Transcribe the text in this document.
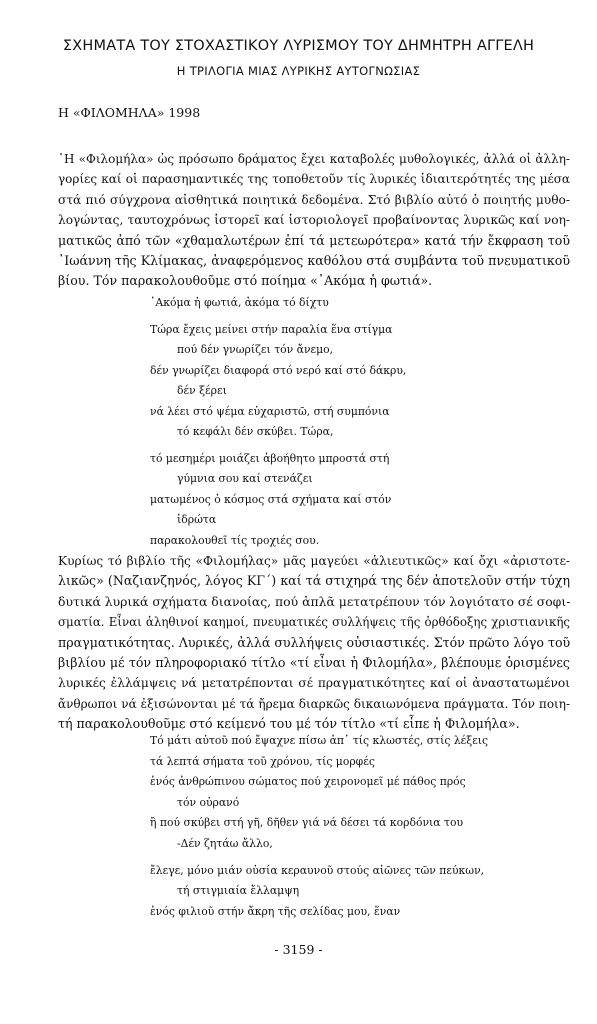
ΣΧΗΜΑΤΑ ΤΟΥ ΣΤΟΧΑΣΤΙΚΟΥ ΛΥΡΙΣΜΟΥ ΤΟΥ ΔΗΜΗΤΡΗ ΑΓΓΕΛΗ
Η ΤΡΙΛΟΓΙΑ ΜΙΑΣ ΛΥΡΙΚΗΣ ΑΥΤΟΓΝΩΣΙΑΣ
Η «ΦΙΛΟΜΗΛΑ» 1998
῾Η «Φιλομήλα» ὡς πρόσωπο δράματος ἔχει καταβολές μυθολογικές, ἀλλά οἱ ἀλλη-
γορίες καί οἱ παρασημαντικές της τοποθετοῦν τίς λυρικές ἰδιαιτερότητές της μέσα
στά πιό σύγχρονα αἰσθητικά ποιητικά δεδομένα. Στό βιβλίο αὐτό ὁ ποιητής μυθο-
λογώντας, ταυτοχρόνως ἱστορεῖ καί ἱστοριολογεῖ προβαίνοντας λυρικῶς καί νοη-
ματικῶς ἀπό τῶν «χθαμαλωτέρων ἐπί τά μετεωρότερα» κατά τήν ἔκφραση τοῦ
᾿Ιωάννη τῆς Κλίμακας, ἀναφερόμενος καθόλου στά συμβάντα τοῦ πνευματικοῦ
βίου. Τόν παρακολουθοῦμε στό ποίημα «᾿Ακόμα ἡ φωτιά».
᾿Ακόμα ἡ φωτιά, ἀκόμα τό δίχτυ
Τώρα ἔχεις μείνει στήν παραλία ἕνα στίγμα
πού δέν γνωρίζει τόν ἄνεμο,
δέν γνωρίζει διαφορά στό νερό καί στό δάκρυ,
δέν ξέρει
νά λέει στό ψέμα εὐχαριστῶ, στή συμπόνια
τό κεφάλι δέν σκύβει. Τώρα,
τό μεσημέρι μοιάζει ἀβοήθητο μπροστά στή
γύμνια σου καί στενάζει
ματωμένος ὁ κόσμος στά σχήματα καί στόν
ἱδρώτα
παρακολουθεῖ τίς τροχιές σου.
Κυρίως τό βιβλίο τῆς «Φιλομήλας» μᾶς μαγεύει «ἁλιευτικῶς» καί ὄχι «ἀριστοτε-
λικῶς» (Ναζιανζηνός, λόγος ΚΓ΄) καί τά στιχηρά της δέν ἀποτελοῦν στήν τύχη
δυτικά λυρικά σχήματα διανοίας, πού ἁπλᾶ μετατρέπουν τόν λογιότατο σέ σοφι-
σματία. Εἶναι ἀληθινοί καημοί, πνευματικές συλλήψεις τῆς ὀρθόδοξης χριστιανικῆς
πραγματικότητας. Λυρικές, ἀλλά συλλήψεις οὐσιαστικές. Στόν πρῶτο λόγο τοῦ
βιβλίου μέ τόν πληροφοριακό τίτλο «τί εἶναι ἡ Φιλομήλα», βλέπουμε ὁρισμένες
λυρικές ἐλλάμψεις νά μετατρέπονται σέ πραγματικότητες καί οἱ ἀναστατωμένοι
ἄνθρωποι νά ἐξισώνονται μέ τά ἤρεμα διαρκῶς δικαιωνόμενα πράγματα. Τόν ποιη-
τή παρακολουθοῦμε στό κείμενό του μέ τόν τίτλο «τί εἶπε ἡ Φιλομήλα».
Τό μάτι αὐτοῦ πού ἔψαχνε πίσω ἀπ᾿ τίς κλωστές, στίς λέξεις
τά λεπτά σήματα τοῦ χρόνου, τίς μορφές
ἑνός ἀνθρώπινου σώματος πού χειρονομεῖ μέ πάθος πρός
τόν οὐρανό
ἢ πού σκύβει στή γῆ, δῆθεν γιά νά δέσει τά κορδόνια του
-Δέν ζητάω ἄλλο,
ἔλεγε, μόνο μιάν οὐσία κεραυνοῦ στούς αἰῶνες τῶν πεύκων,
τή στιγμιαία ἔλλαμψη
ἑνός φιλιοῦ στήν ἄκρη τῆς σελίδας μου, ἕναν
- 3159 -
